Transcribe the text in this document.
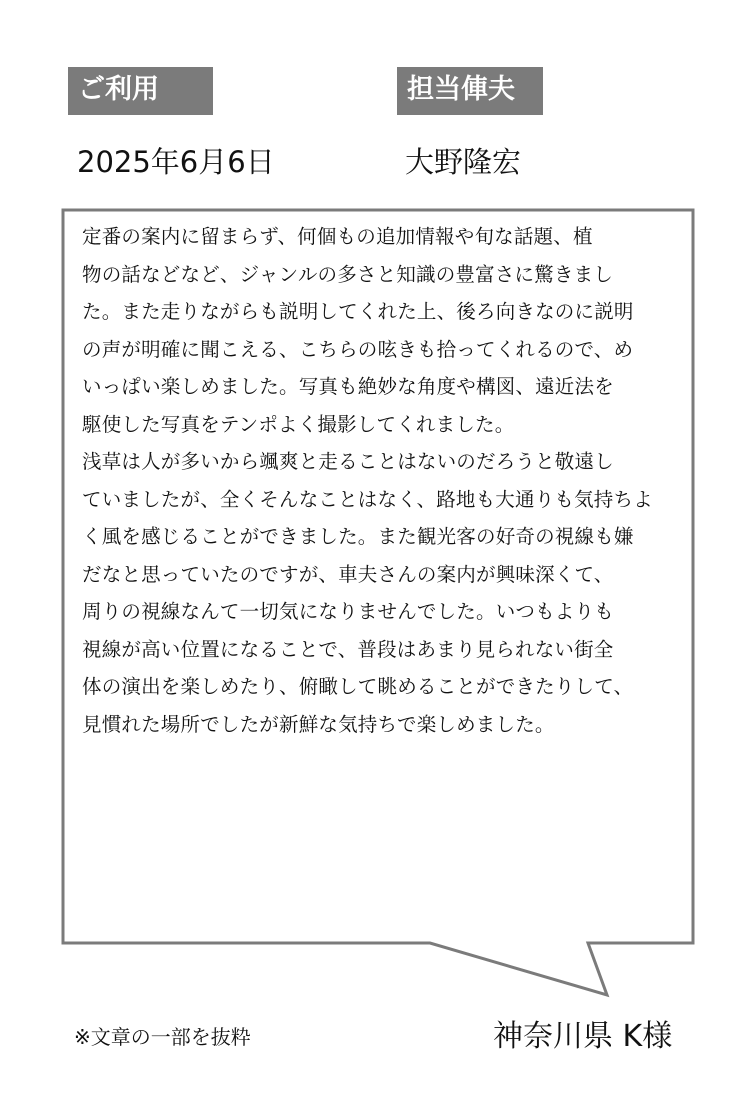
ご利用	担当俥夫
2025年6月6日	大野隆宏
定番の案内に留まらず、何個もの追加情報や旬な話題、植
物の話などなど、ジャンルの多さと知識の豊富さに驚きまし
た。また走りながらも説明してくれた上、後ろ向きなのに説明
の声が明確に聞こえる、こちらの呟きも拾ってくれるので、め
いっぱい楽しめました。写真も絶妙な角度や構図、遠近法を
駆使した写真をテンポよく撮影してくれました。
浅草は人が多いから颯爽と走ることはないのだろうと敬遠し
ていましたが、全くそんなことはなく、路地も大通りも気持ちよ
く風を感じることができました。また観光客の好奇の視線も嫌
だなと思っていたのですが、車夫さんの案内が興味深くて、
周りの視線なんて一切気になりませんでした。いつもよりも
視線が高い位置になることで、普段はあまり見られない街全
体の演出を楽しめたり、俯瞰して眺めることができたりして、
見慣れた場所でしたが新鮮な気持ちで楽しめました。
※文章の一部を抜粋	神奈川県 K様
